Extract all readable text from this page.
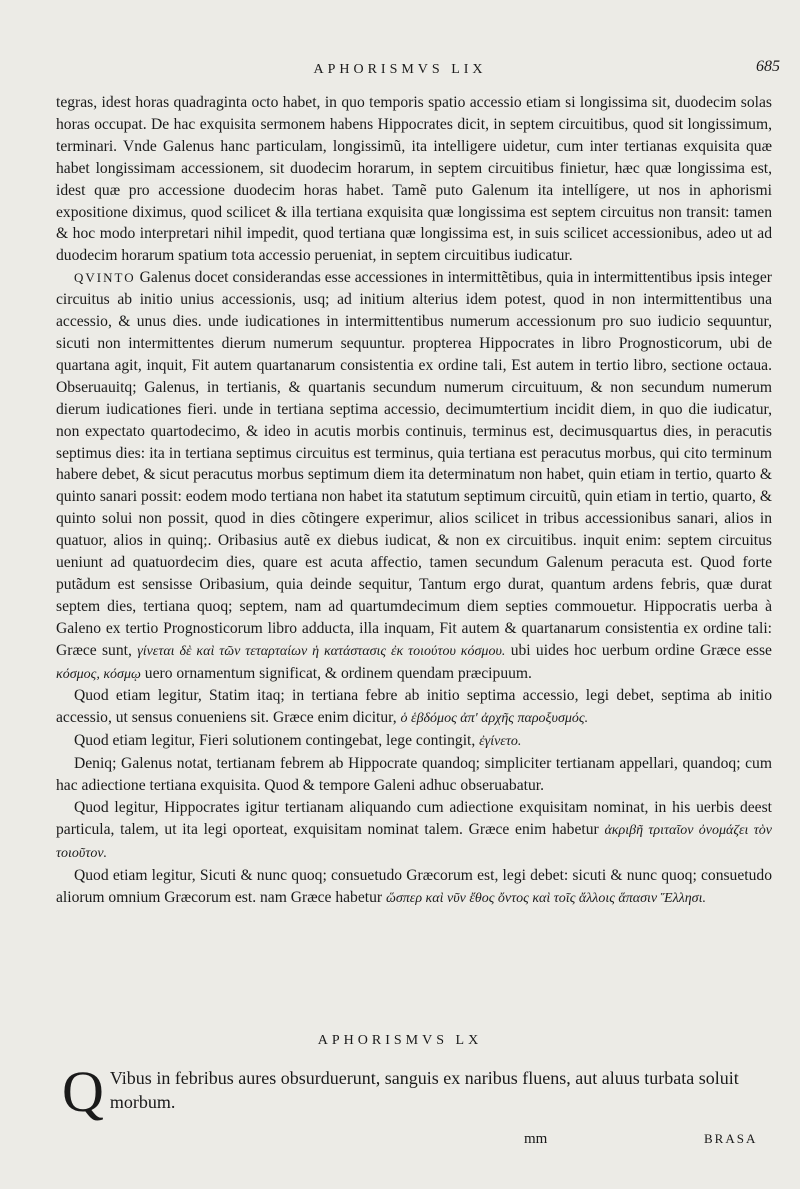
APHORISMVS LIX	685

tegras, idest horas quadraginta octo habet, in quo temporis spatio accessio etiam si longissima sit, duodecim solas horas occupat. De hac exquisita sermonem habens Hippocrates dicit, in septem circuitibus, quod sit longissimum, terminari. Vnde Galenus hanc particulam, longissimũ, ita intelligere uidetur, cum inter tertianas exquisita quæ habet longissimam accessionem, sit duodecim horarum, in septem circuitibus finietur, hæc quæ longissima est, idest quæ pro accessione duodecim horas habet. Tamẽ puto Galenum ita intellígere, ut nos in aphorismi expositione diximus, quod scilicet & illa tertiana exquisita quæ longissima est septem circuitus non transit: tamen & hoc modo interpretari nihil impedit, quod tertiana quæ longissima est, in suis scilicet accessionibus, adeo ut ad duodecim horarum spatium tota accessio perueniat, in septem circuitibus iudicatur.

QVINTO Galenus docet considerandas esse accessiones in intermittẽtibus, quia in intermittentibus ipsis integer circuitus ab initio unius accessionis, usq; ad initium alterius idem potest, quod in non intermittentibus una accessio, & unus dies. unde iudicationes in intermittentibus numerum accessionum pro suo iudicio sequuntur, sicuti non intermittentes dierum numerum sequuntur. propterea Hippocrates in libro Prognosticorum, ubi de quartana agit, inquit, Fit autem quartanarum consistentia ex ordine tali, Est autem in tertio libro, sectione octaua. Obseruauitq; Galenus, in tertianis, & quartanis secundum numerum circuituum, & non secundum numerum dierum iudicationes fieri. unde in tertiana septima accessio, decimumtertium incidit diem, in quo die iudicatur, non expectato quartodecimo, & ideo in acutis morbis continuis, terminus est, decimusquartus dies, in peracutis septimus dies: ita in tertiana septimus circuitus est terminus, quia tertiana est peracutus morbus, qui cito terminum habere debet, & sicut peracutus morbus septimum diem ita determinatum non habet, quin etiam in tertio, quarto & quinto sanari possit: eodem modo tertiana non habet ita statutum septimum circuitũ, quin etiam in tertio, quarto, & quinto solui non possit, quod in dies cõtingere experimur, alios scilicet in tribus accessionibus sanari, alios in quatuor, alios in quinq;. Oribasius autẽ ex diebus iudicat, & non ex circuitibus. inquit enim: septem circuitus ueniunt ad quatuordecim dies, quare est acuta affectio, tamen secundum Galenum peracuta est. Quod forte putãdum est sensisse Oribasium, quia deinde sequitur, Tantum ergo durat, quantum ardens febris, quæ durat septem dies, tertiana quoq; septem, nam ad quartumdecimum diem septies commouetur. Hippocratis uerba à Galeno ex tertio Prognosticorum libro adducta, illa inquam, Fit autem & quartanarum consistentia ex ordine tali: Græce sunt, γίνεται δὲ καὶ τῶν τεταρταίων ἡ κατάστασις ἐκ τοιούτου κόσμου. ubi uides hoc uerbum ordine Græce esse κόσμος, κόσμῳ uero ornamentum significat, & ordinem quendam præcipuum.

Quod etiam legitur, Statim itaq; in tertiana febre ab initio septima accessio, legi debet, septima ab initio accessio, ut sensus conueniens sit. Græce enim dicitur, ὁ ἑβδόμος ἀπ' ἀρχῆς παροξυσμός.

Quod etiam legitur, Fieri solutionem contingebat, lege contingit, ἐγίνετο.

Deniq; Galenus notat, tertianam febrem ab Hippocrate quandoq; simpliciter tertianam appellari, quandoq; cum hac adiectione tertiana exquisita. Quod & tempore Galeni adhuc obseruabatur.

Quod legitur, Hippocrates igitur tertianam aliquando cum adiectione exquisitam nominat, in his uerbis deest particula, talem, ut ita legi oporteat, exquisitam nominat talem. Græce enim habetur ἀκριβῆ τριταῖον ὀνομάζει τὸν τοιοῦτον.

Quod etiam legitur, Sicuti & nunc quoq; consuetudo Græcorum est, legi debet: sicuti & nunc quoq; consuetudo aliorum omnium Græcorum est. nam Græce habetur ὥσπερ καὶ νῦν ἔθος ὄντος καὶ τοῖς ἄλλοις ἅπασιν Ἕλλησι.

APHORISMVS LX
Q Vibus in febribus aures obsurduerunt, sanguis ex naribus fluens, aut aluus turbata soluit morbum.
mm	BRASA
